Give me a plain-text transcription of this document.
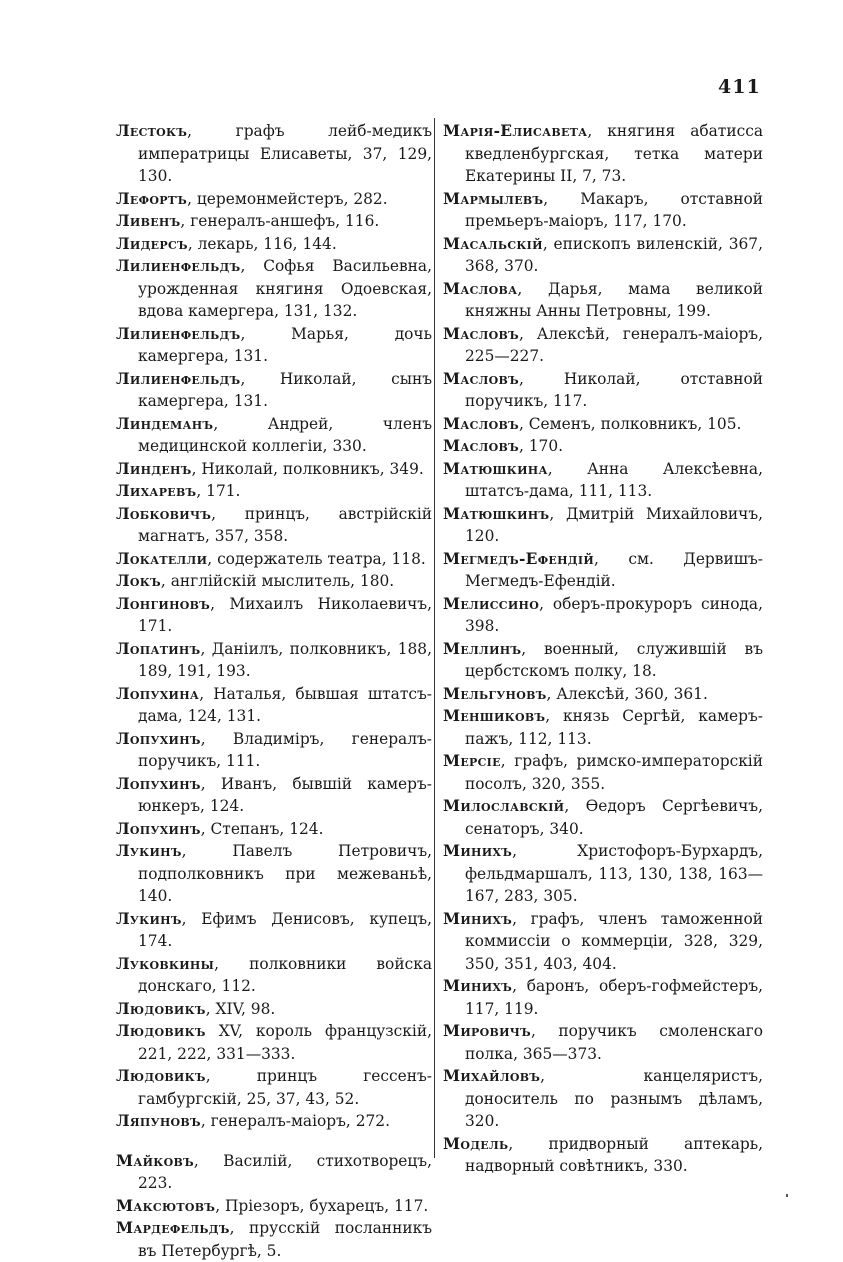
411

Лестокъ, графъ лейб-медикъ императрицы Елисаветы, 37, 129, 130.

Лефортъ, церемонмейстеръ, 282.

Ливенъ, генералъ-аншефъ, 116.

Лидерсъ, лекарь, 116, 144.

Лилиенфельдъ, Софья Васильевна, урожденная княгиня Одоевская, вдова камергера, 131, 132.

Лилиенфельдъ, Марья, дочь камергера, 131.

Лилиенфельдъ, Николай, сынъ камергера, 131.

Линдеманъ, Андрей, членъ медицинской коллегіи, 330.

Линденъ, Николай, полковникъ, 349.

Лихаревъ, 171.

Лобковичъ, принцъ, австрійскій магнатъ, 357, 358.

Локателли, содержатель театра, 118.

Локъ, англійскій мыслитель, 180.

Лонгиновъ, Михаилъ Николаевичъ, 171.

Лопатинъ, Даніилъ, полковникъ, 188, 189, 191, 193.

Лопухина, Наталья, бывшая штатсъ-дама, 124, 131.

Лопухинъ, Владиміръ, генералъ-поручикъ, 111.

Лопухинъ, Иванъ, бывшій камеръ-юнкеръ, 124.

Лопухинъ, Степанъ, 124.

Лукинъ, Павелъ Петровичъ, подполковникъ при межеваньѣ, 140.

Лукинъ, Ефимъ Денисовъ, купецъ, 174.

Луковкины, полковники войска донскаго, 112.

Людовикъ, XIV, 98.

Людовикъ XV, король французскій, 221, 222, 331—333.

Людовикъ, принцъ гессенъ-гамбургскій, 25, 37, 43, 52.

Ляпуновъ, генералъ-маіоръ, 272.

Майковъ, Василій, стихотворецъ, 223.

Максютовъ, Пріезоръ, бухарецъ, 117.

Мардефельдъ, прусскій посланникъ въ Петербургѣ, 5.

Марія-Елисавета, княгиня абатисса кведленбургская, тетка матери Екатерины II, 7, 73.

Мармылевъ, Макаръ, отставной премьеръ-маіоръ, 117, 170.

Масальскій, епископъ виленскій, 367, 368, 370.

Маслова, Дарья, мама великой княжны Анны Петровны, 199.

Масловъ, Алексѣй, генералъ-маіоръ, 225—227.

Масловъ, Николай, отставной поручикъ, 117.

Масловъ, Семенъ, полковникъ, 105.

Масловъ, 170.

Матюшкина, Анна Алексѣевна, штатсъ-дама, 111, 113.

Матюшкинъ, Дмитрій Михайловичъ, 120.

Мегмедъ-Ефендій, см. Дервишъ-Мегмедъ-Ефендій.

Мелиссино, оберъ-прокуроръ синода, 398.

Меллинъ, военный, служившій въ цербстскомъ полку, 18.

Мельгуновъ, Алексѣй, 360, 361.

Меншиковъ, князь Сергѣй, камеръ-пажъ, 112, 113.

Мерсіе, графъ, римско-императорскій посолъ, 320, 355.

Милославскій, Өедоръ Сергѣевичъ, сенаторъ, 340.

Минихъ, Христофоръ-Бурхардъ, фельдмаршалъ, 113, 130, 138, 163—167, 283, 305.

Минихъ, графъ, членъ таможенной коммиссіи о коммерціи, 328, 329, 350, 351, 403, 404.

Минихъ, баронъ, оберъ-гофмейстеръ, 117, 119.

Мировичъ, поручикъ смоленскаго полка, 365—373.

Михайловъ, канцеляристъ, доноситель по разнымъ дѣламъ, 320.

Модель, придворный аптекарь, надворный совѣтникъ, 330.
